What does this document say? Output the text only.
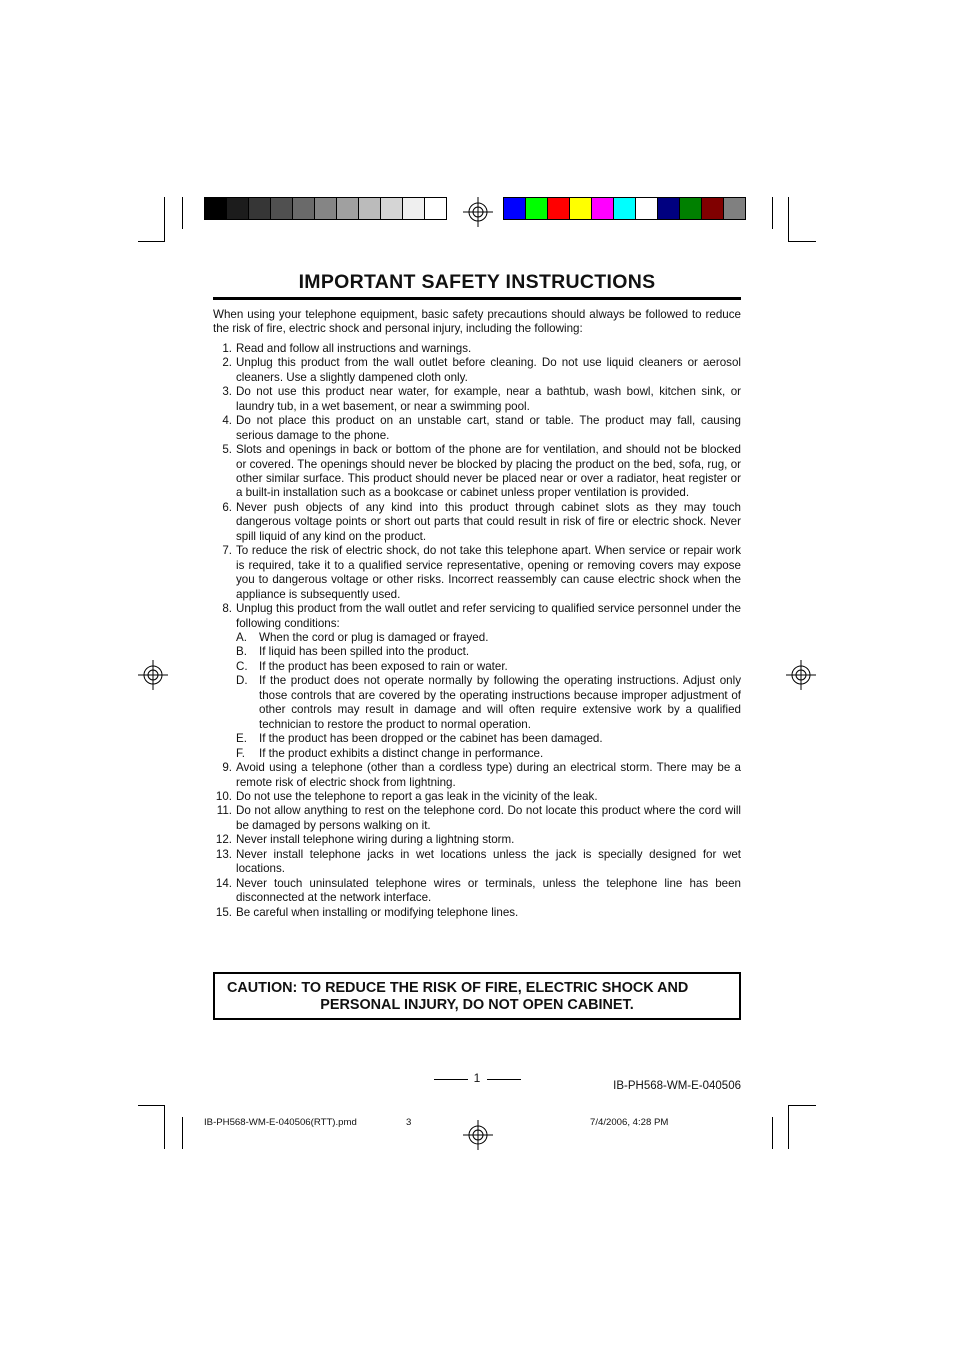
IMPORTANT SAFETY INSTRUCTIONS

When using your telephone equipment, basic safety precautions should always be followed to reduce the risk of fire, electric shock and personal injury, including the following:

1. Read and follow all instructions and warnings.
2. Unplug this product from the wall outlet before cleaning. Do not use liquid cleaners or aerosol cleaners. Use a slightly dampened cloth only.
3. Do not use this product near water, for example, near a bathtub, wash bowl, kitchen sink, or laundry tub, in a wet basement, or near a swimming pool.
4. Do not place this product on an unstable cart, stand or table. The product may fall, causing serious damage to the phone.
5. Slots and openings in back or bottom of the phone are for ventilation, and should not be blocked or covered. The openings should never be blocked by placing the product on the bed, sofa, rug, or other similar surface. This product should never be placed near or over a radiator, heat register or a built-in installation such as a bookcase or cabinet unless proper ventilation is provided.
6. Never push objects of any kind into this product through cabinet slots as they may touch dangerous voltage points or short out parts that could result in risk of fire or electric shock. Never spill liquid of any kind on the product.
7. To reduce the risk of electric shock, do not take this telephone apart. When service or repair work is required, take it to a qualified service representative, opening or removing covers may expose you to dangerous voltage or other risks. Incorrect reassembly can cause electric shock when the appliance is subsequently used.
8. Unplug this product from the wall outlet and refer servicing to qualified service personnel under the following conditions:
A.	When the cord or plug is damaged or frayed.
B.	If liquid has been spilled into the product.
C. If the product has been exposed to rain or water.
D. If the product does not operate normally by following the operating instructions. Adjust only those controls that are covered by the operating instructions because improper adjustment of other controls may result in damage and will often require extensive work by a qualified technician to restore the product to normal operation.
E.	If the product has been dropped or the cabinet has been damaged.
F.	If the product exhibits a distinct change in performance.
9. Avoid using a telephone (other than a cordless type) during an electrical storm. There may be a remote risk of electric shock from lightning.
10. Do not use the telephone to report a gas leak in the vicinity of the leak.
11. Do not allow anything to rest on the telephone cord. Do not locate this product where the cord will be damaged by persons walking on it.
12. Never install telephone wiring during a lightning storm.
13. Never install telephone jacks in wet locations unless the jack is specially designed for wet locations.
14. Never touch uninsulated telephone wires or terminals, unless the telephone line has been disconnected at the network interface.
15. Be careful when installing or modifying telephone lines.
CAUTION: TO REDUCE THE RISK OF FIRE, ELECTRIC SHOCK AND
PERSONAL INJURY, DO NOT OPEN CABINET.
1
IB-PH568-WM-E-040506
IB-PH568-WM-E-040506(RTT).pmd	3	7/4/2006, 4:28 PM
